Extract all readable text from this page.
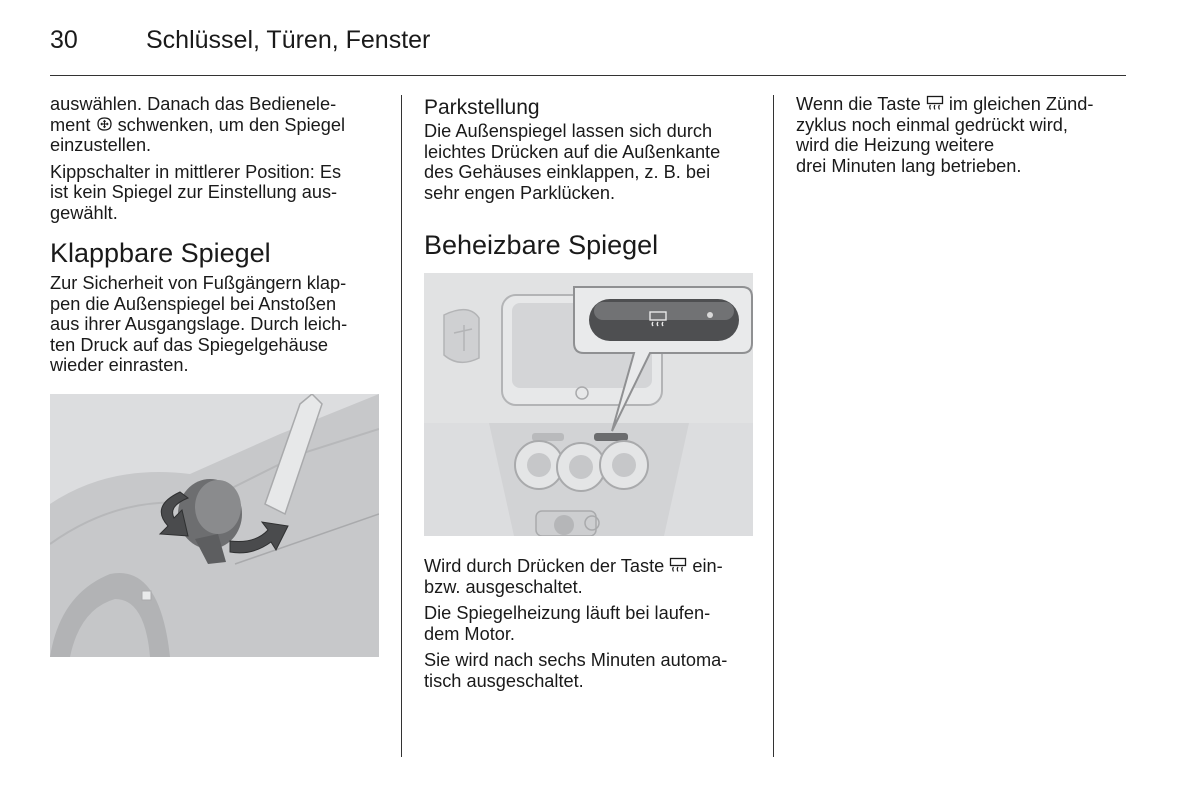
30	Schlüssel, Türen, Fenster

auswählen. Danach das Bedienele-
ment schwenken, um den Spiegel
einzustellen.

Kippschalter in mittlerer Position: Es
ist kein Spiegel zur Einstellung aus-
gewählt.

Klappbare Spiegel

Zur Sicherheit von Fußgängern klap-
pen die Außenspiegel bei Anstoßen
aus ihrer Ausgangslage. Durch leich-
ten Druck auf das Spiegelgehäuse
wieder einrasten.

Parkstellung

Die Außenspiegel lassen sich durch
leichtes Drücken auf die Außenkante
des Gehäuses einklappen, z. B. bei
sehr engen Parklücken.

Beheizbare Spiegel

Wird durch Drücken der Taste ein-
bzw. ausgeschaltet.

Die Spiegelheizung läuft bei laufen-
dem Motor.

Sie wird nach sechs Minuten automa-
tisch ausgeschaltet.

Wenn die Taste im gleichen Zünd-
zyklus noch einmal gedrückt wird,
wird die Heizung weitere
drei Minuten lang betrieben.
